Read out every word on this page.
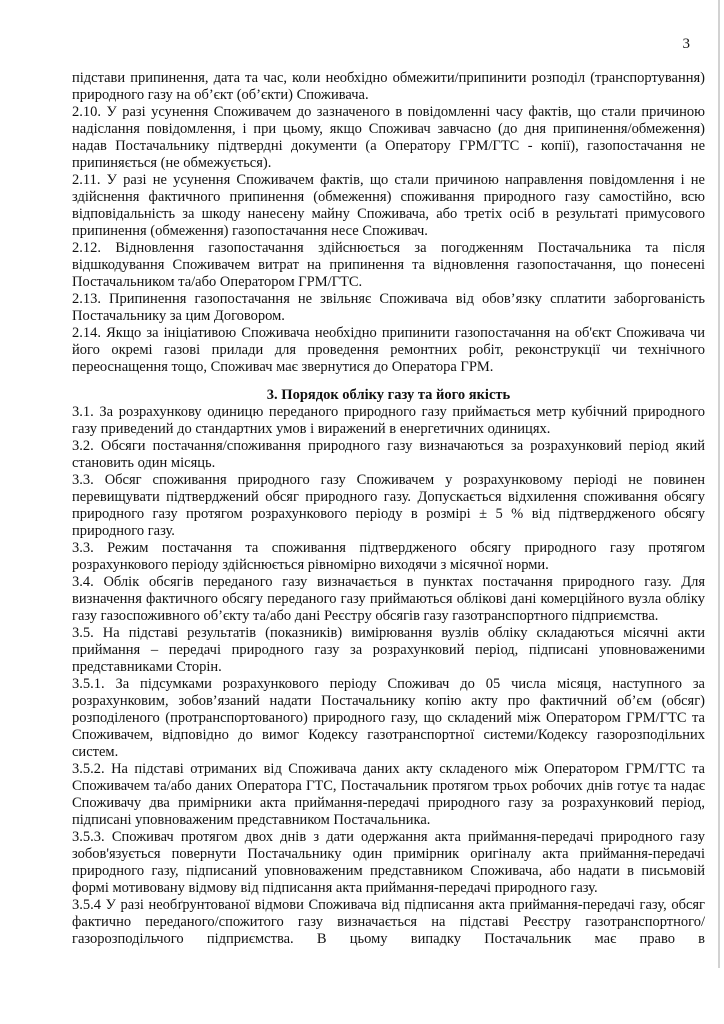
3

підстави припинення, дата та час, коли необхідно обмежити/припинити розподіл (транспортування) природного газу на об’єкт (об’єкти) Споживача.

2.10. У разі усунення Споживачем до зазначеного в повідомленні часу фактів, що стали причиною надіслання повідомлення, і при цьому, якщо Споживач завчасно (до дня припинення/обмеження) надав Постачальнику підтвердні документи (а Оператору ГРМ/ГТС - копії), газопостачання не припиняється (не обмежується).

2.11. У разі не усунення Споживачем фактів, що стали причиною направлення повідомлення і не здійснення фактичного припинення (обмеження) споживання природного газу самостійно, всю відповідальність за шкоду нанесену майну Споживача, або третіх осіб в результаті примусового припинення (обмеження) газопостачання несе Споживач.

2.12. Відновлення газопостачання здійснюється за погодженням Постачальника та після відшкодування Споживачем витрат на припинення та відновлення газопостачання, що понесені Постачальником та/або Оператором ГРМ/ГТС.

2.13. Припинення газопостачання не звільняє Споживача від обов’язку сплатити заборгованість Постачальнику за цим Договором.

2.14. Якщо за ініціативою Споживача необхідно припинити газопостачання на об'єкт Споживача чи його окремі газові прилади для проведення ремонтних робіт, реконструкції чи технічного переоснащення тощо, Споживач має звернутися до Оператора ГРМ.

3. Порядок обліку газу та його якість

3.1. За розрахункову одиницю переданого природного газу приймається метр кубічний природного газу приведений до стандартних умов і виражений в енергетичних одиницях.

3.2. Обсяги постачання/споживання природного газу визначаються за розрахунковий період який становить один місяць.

3.3. Обсяг споживання природного газу Споживачем у розрахунковому періоді не повинен перевищувати підтверджений обсяг природного газу. Допускається відхилення споживання обсягу природного газу протягом розрахункового періоду в розмірі ± 5 % від підтвердженого обсягу природного газу.

3.3. Режим постачання та споживання підтвердженого обсягу природного газу протягом розрахункового періоду здійснюється рівномірно виходячи з місячної норми.

3.4. Облік обсягів переданого газу визначається в пунктах постачання природного газу. Для визначення фактичного обсягу переданого газу приймаються облікові дані комерційного вузла обліку газу газоспоживного об’єкту та/або дані Реєстру обсягів газу газотранспортного підприємства.

3.5. На підставі результатів (показників) вимірювання вузлів обліку складаються місячні акти приймання – передачі природного газу за розрахунковий період, підписані уповноваженими представниками Сторін.

3.5.1. За підсумками розрахункового періоду Споживач до 05 числа місяця, наступного за розрахунковим, зобов’язаний надати Постачальнику копію акту про фактичний об’єм (обсяг) розподіленого (протранспортованого) природного газу, що складений між Оператором ГРМ/ГТС та Споживачем, відповідно до вимог Кодексу газотранспортної системи/Кодексу газорозподільних систем.

3.5.2. На підставі отриманих від Споживача даних акту складеного між Оператором ГРМ/ГТС та Споживачем та/або даних Оператора ГТС, Постачальник протягом трьох робочих днів готує та надає Споживачу два примірники акта приймання-передачі природного газу за розрахунковий період, підписані уповноваженим представником Постачальника.

3.5.3. Споживач протягом двох днів з дати одержання акта приймання-передачі природного газу зобов'язується повернути Постачальнику один примірник оригіналу акта приймання-передачі природного газу, підписаний уповноваженим представником Споживача, або надати в письмовій формі мотивовану відмову від підписання акта приймання-передачі природного газу.

3.5.4 У разі необґрунтованої відмови Споживача від підписання акта приймання-передачі газу, обсяг фактично переданого/спожитого газу визначається на підставі Реєстру газотранспортного/газорозподільчого підприємства. В цьому випадку Постачальник має право в
